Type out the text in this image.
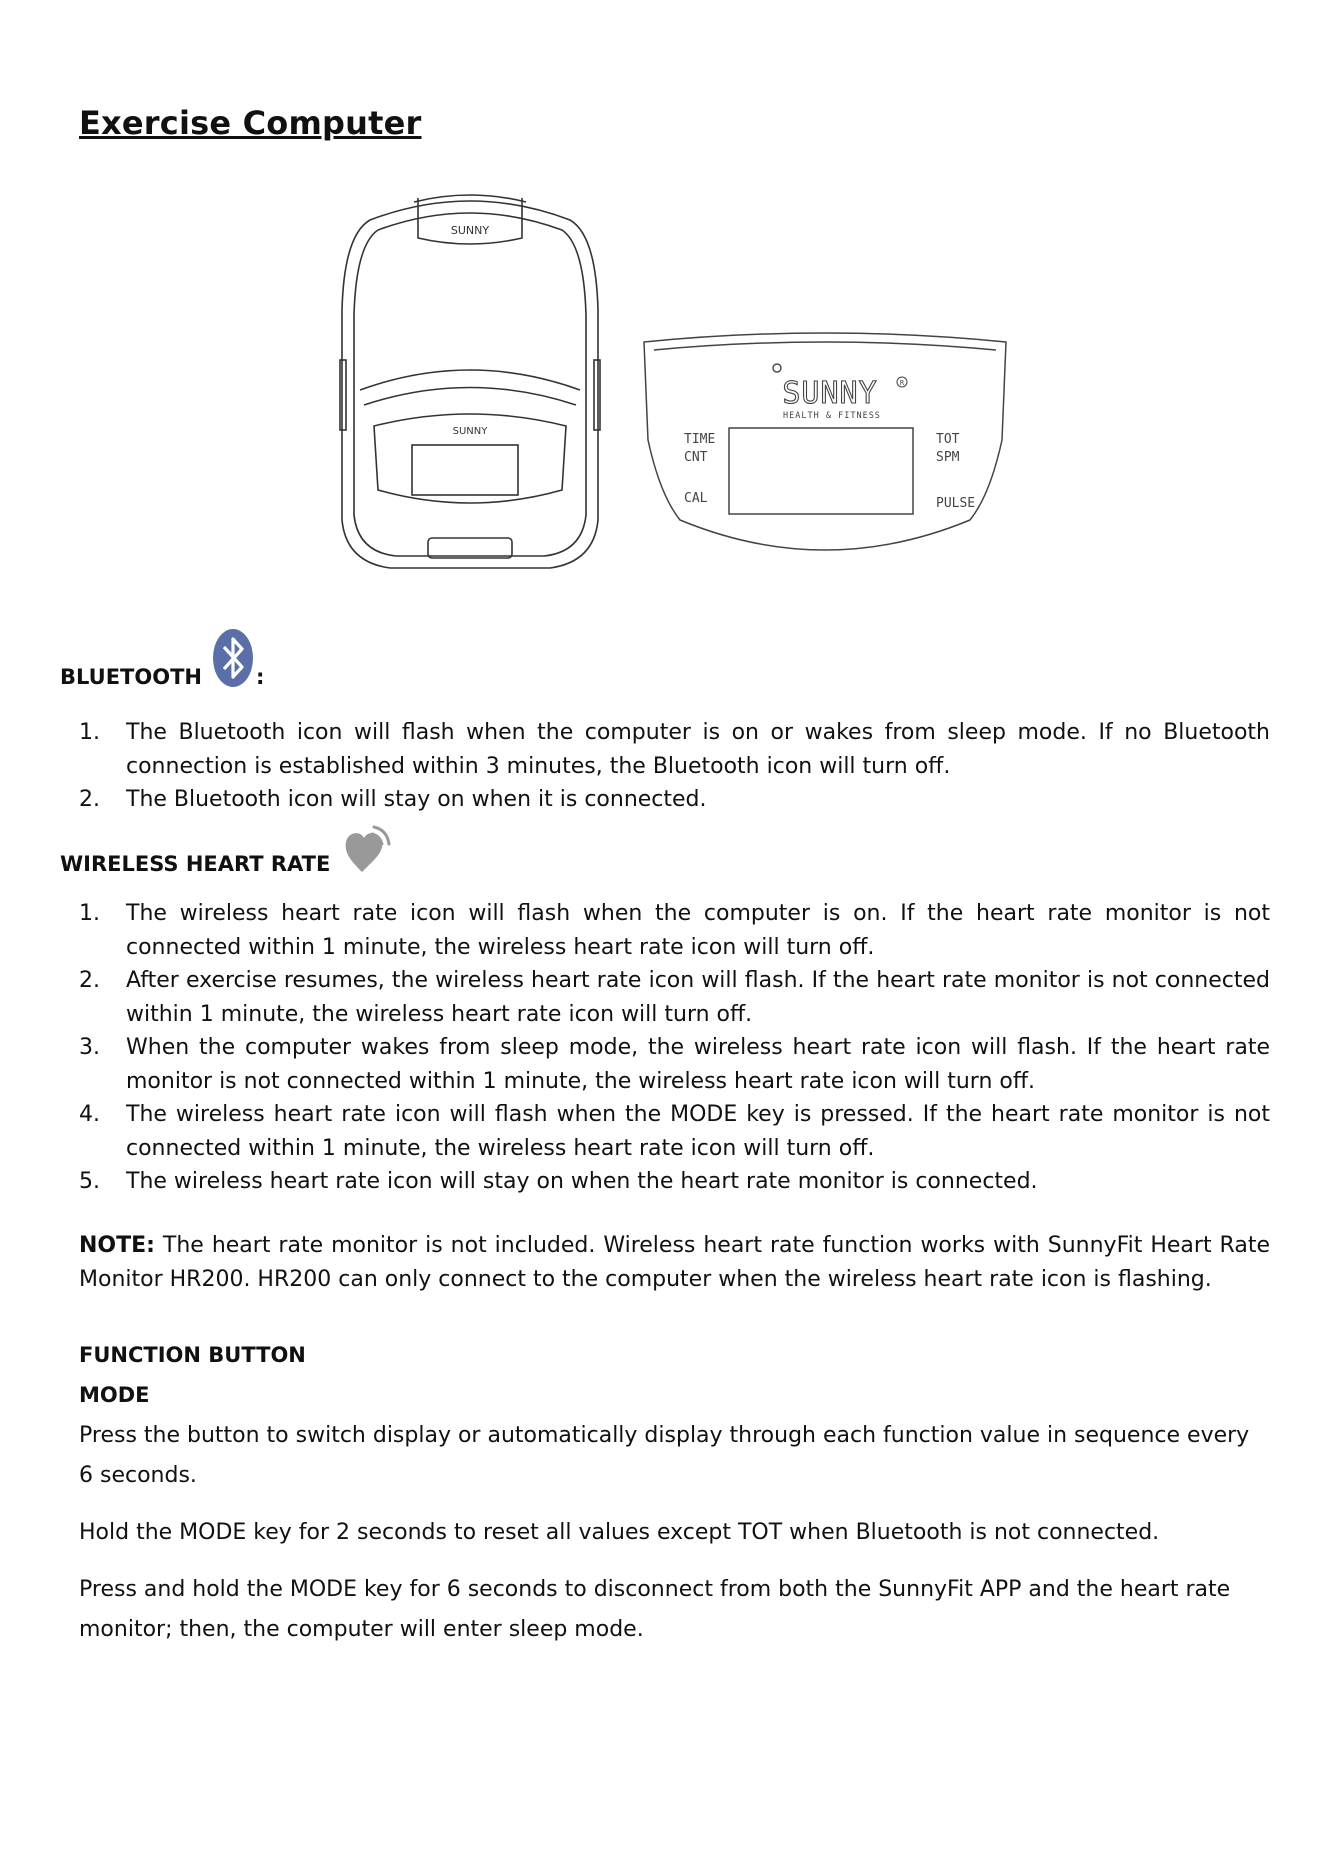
Exercise Computer
SUNNY
SUNNY
SUNNY	R
HEALTH & FITNESS
TIME
CNT
CAL
TOT
SPM
PULSE
BLUETOOTH	:
1. The Bluetooth icon will flash when the computer is on or wakes from sleep mode. If no Bluetooth connection is established within 3 minutes, the Bluetooth icon will turn off.
2. The Bluetooth icon will stay on when it is connected.
WIRELESS HEART RATE
1. The wireless heart rate icon will flash when the computer is on. If the heart rate monitor is not connected within 1 minute, the wireless heart rate icon will turn off.
2. After exercise resumes, the wireless heart rate icon will flash. If the heart rate monitor is not connected within 1 minute, the wireless heart rate icon will turn off.
3. When the computer wakes from sleep mode, the wireless heart rate icon will flash. If the heart rate monitor is not connected within 1 minute, the wireless heart rate icon will turn off.
4. The wireless heart rate icon will flash when the MODE key is pressed. If the heart rate monitor is not connected within 1 minute, the wireless heart rate icon will turn off.
5. The wireless heart rate icon will stay on when the heart rate monitor is connected.

NOTE: The heart rate monitor is not included. Wireless heart rate function works with SunnyFit Heart Rate Monitor HR200. HR200 can only connect to the computer when the wireless heart rate icon is flashing.

FUNCTION BUTTON
MODE

Press the button to switch display or automatically display through each function value in sequence every 6 seconds.

Hold the MODE key for 2 seconds to reset all values except TOT when Bluetooth is not connected.

Press and hold the MODE key for 6 seconds to disconnect from both the SunnyFit APP and the heart rate monitor; then, the computer will enter sleep mode.
